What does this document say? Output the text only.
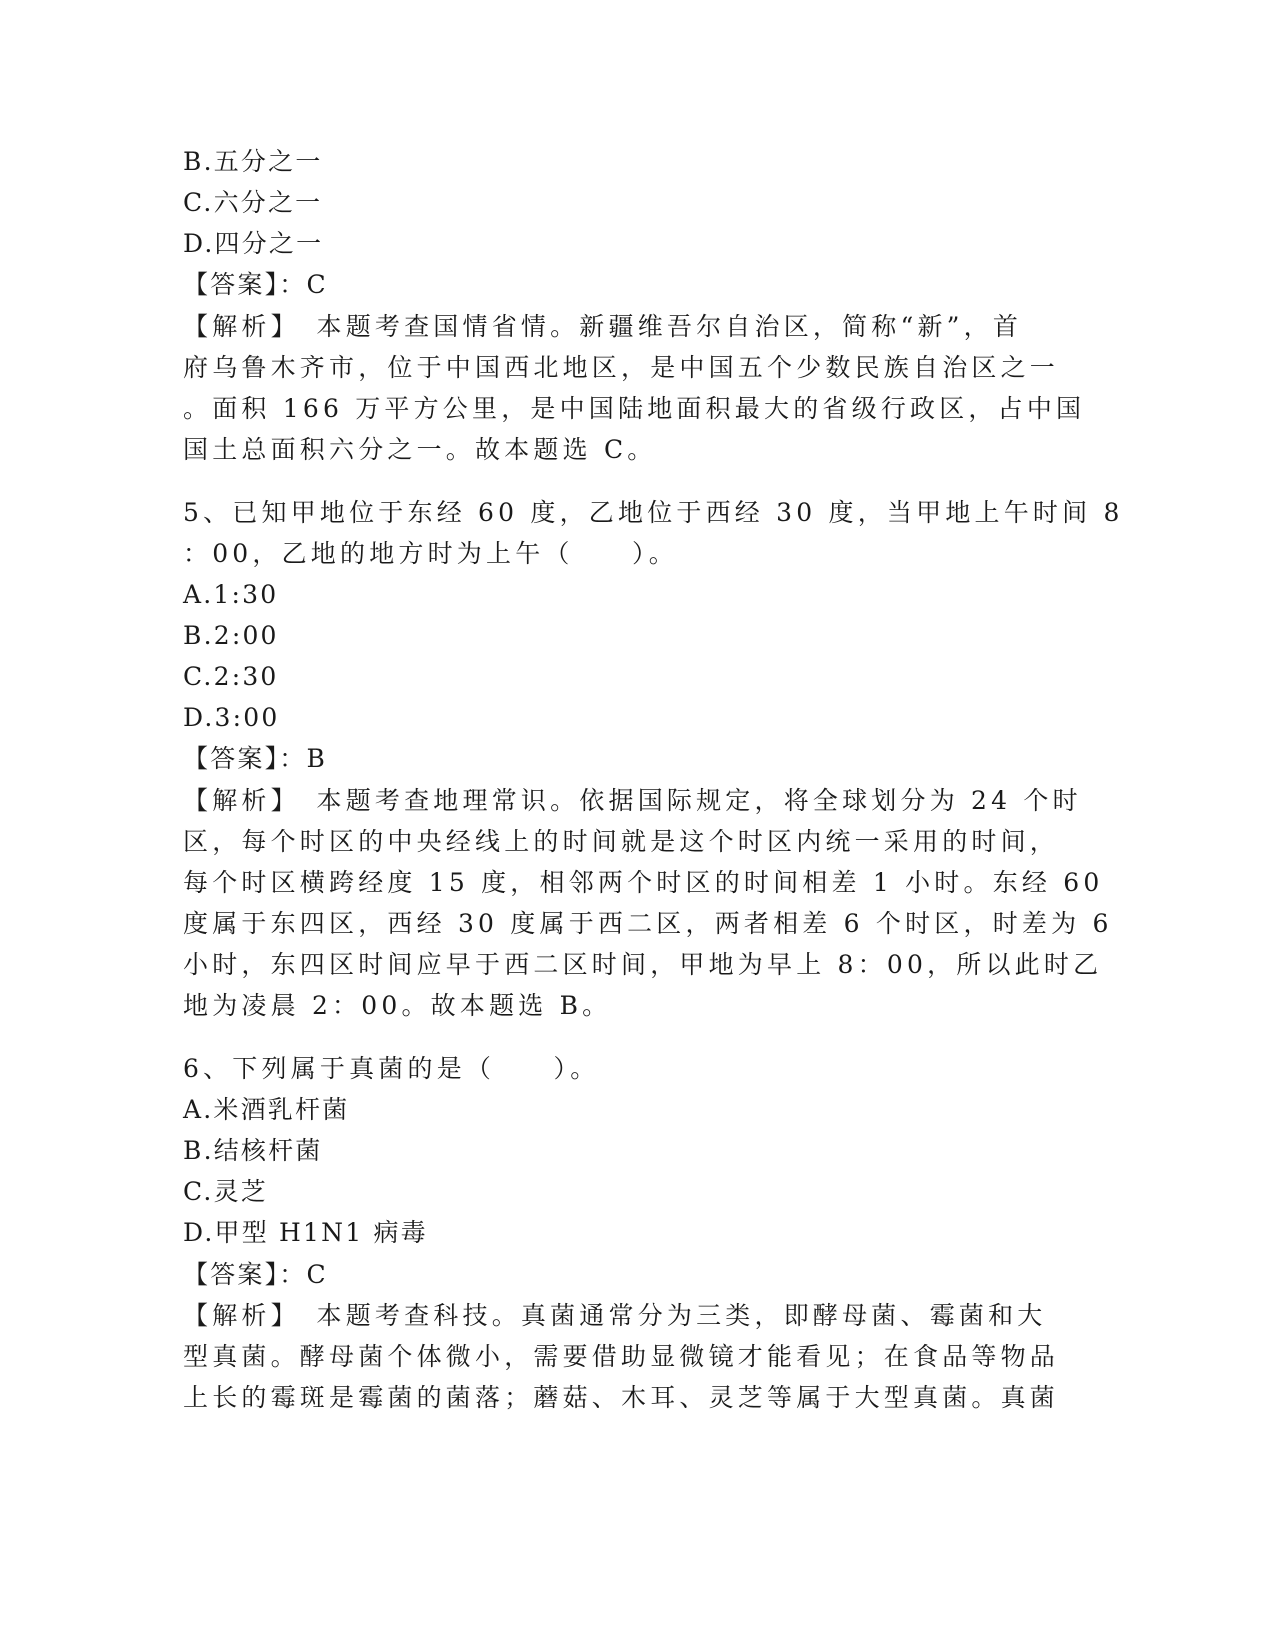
B.五分之一
C.六分之一
D.四分之一
【答案】：C
【解析】　本题考查国情省情。新疆维吾尔自治区，简称“新”，首
府乌鲁木齐市，位于中国西北地区，是中国五个少数民族自治区之一
。面积 166 万平方公里，是中国陆地面积最大的省级行政区，占中国
国土总面积六分之一。故本题选 C。
5、已知甲地位于东经 60 度，乙地位于西经 30 度，当甲地上午时间 8
：00，乙地的地方时为上午（　　）。
A.1:30
B.2:00
C.2:30
D.3:00
【答案】：B
【解析】　本题考查地理常识。依据国际规定，将全球划分为 24 个时
区，每个时区的中央经线上的时间就是这个时区内统一采用的时间，
每个时区横跨经度 15 度，相邻两个时区的时间相差 1 小时。东经 60
度属于东四区，西经 30 度属于西二区，两者相差 6 个时区，时差为 6
小时，东四区时间应早于西二区时间，甲地为早上 8：00，所以此时乙
地为凌晨 2：00。故本题选 B。
6、下列属于真菌的是（　　）。
A.米酒乳杆菌
B.结核杆菌
C.灵芝
D.甲型 H1N1 病毒
【答案】：C
【解析】　本题考查科技。真菌通常分为三类，即酵母菌、霉菌和大
型真菌。酵母菌个体微小，需要借助显微镜才能看见；在食品等物品
上长的霉斑是霉菌的菌落；蘑菇、木耳、灵芝等属于大型真菌。真菌
